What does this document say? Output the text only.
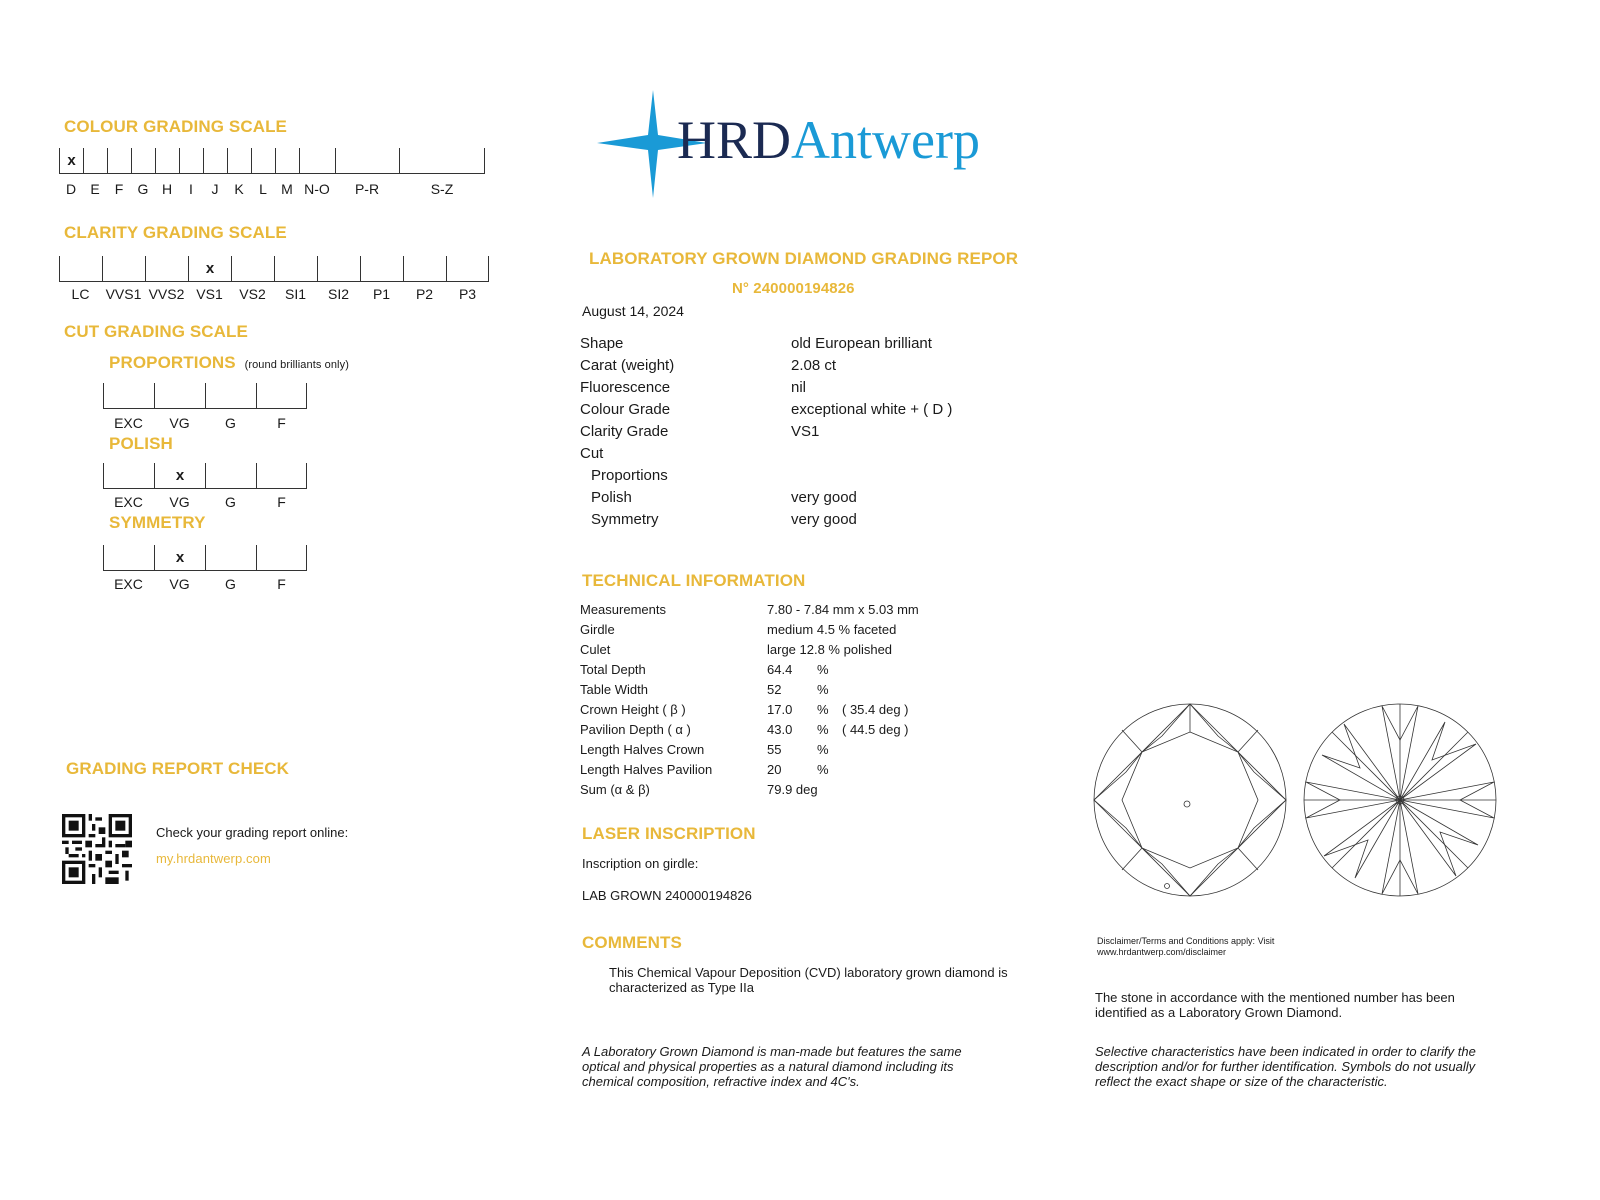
COLOUR GRADING SCALE
x
D	E	F	G H	I	J	K	L	M N-O	P-R	S-Z
CLARITY GRADING SCALE
x
LC	VVS1 VVS2 VS1	VS2	SI1	SI2	P1	P2	P3
CUT GRADING SCALE
PROPORTIONS (round brilliants only)
EXC	VG	G	F
POLISH
x
EXC	VG	G	F
SYMMETRY
x
EXC	VG	G	F
GRADING REPORT CHECK
Check your grading report online:
my.hrdantwerp.com
HRDAntwerp
LABORATORY GROWN DIAMOND GRADING REPOR
N° 240000194826
August 14, 2024
Shape	old European brilliant
Carat (weight)	2.08 ct
Fluorescence	nil
Colour Grade	exceptional white + ( D )
Clarity Grade	VS1
Cut	
Proportions	
Polish	very good
Symmetry	very good
TECHNICAL INFORMATION
Measurements	7.80 - 7.84 mm x 5.03 mm		
Girdle	medium 4.5 % faceted		
Culet	large 12.8 % polished		
Total Depth	64.4	%	
Table Width	52	%	
Crown Height ( β )	17.0	%	( 35.4 deg )
Pavilion Depth ( α )	43.0	%	( 44.5 deg )
Length Halves Crown	55	%	
Length Halves Pavilion	20	%	
Sum (α & β)	79.9 deg		
LASER INSCRIPTION
Inscription on girdle:
LAB GROWN 240000194826
COMMENTS
This Chemical Vapour Deposition (CVD) laboratory grown diamond is characterized as Type IIa
A Laboratory Grown Diamond is man-made but features the same optical and physical properties as a natural diamond including its chemical composition, refractive index and 4C's.
Disclaimer/Terms and Conditions apply: Visit www.hrdantwerp.com/disclaimer
The stone in accordance with the mentioned number has been identified as a Laboratory Grown Diamond.
Selective characteristics have been indicated in order to clarify the description and/or for further identification. Symbols do not usually reflect the exact shape or size of the characteristic.
